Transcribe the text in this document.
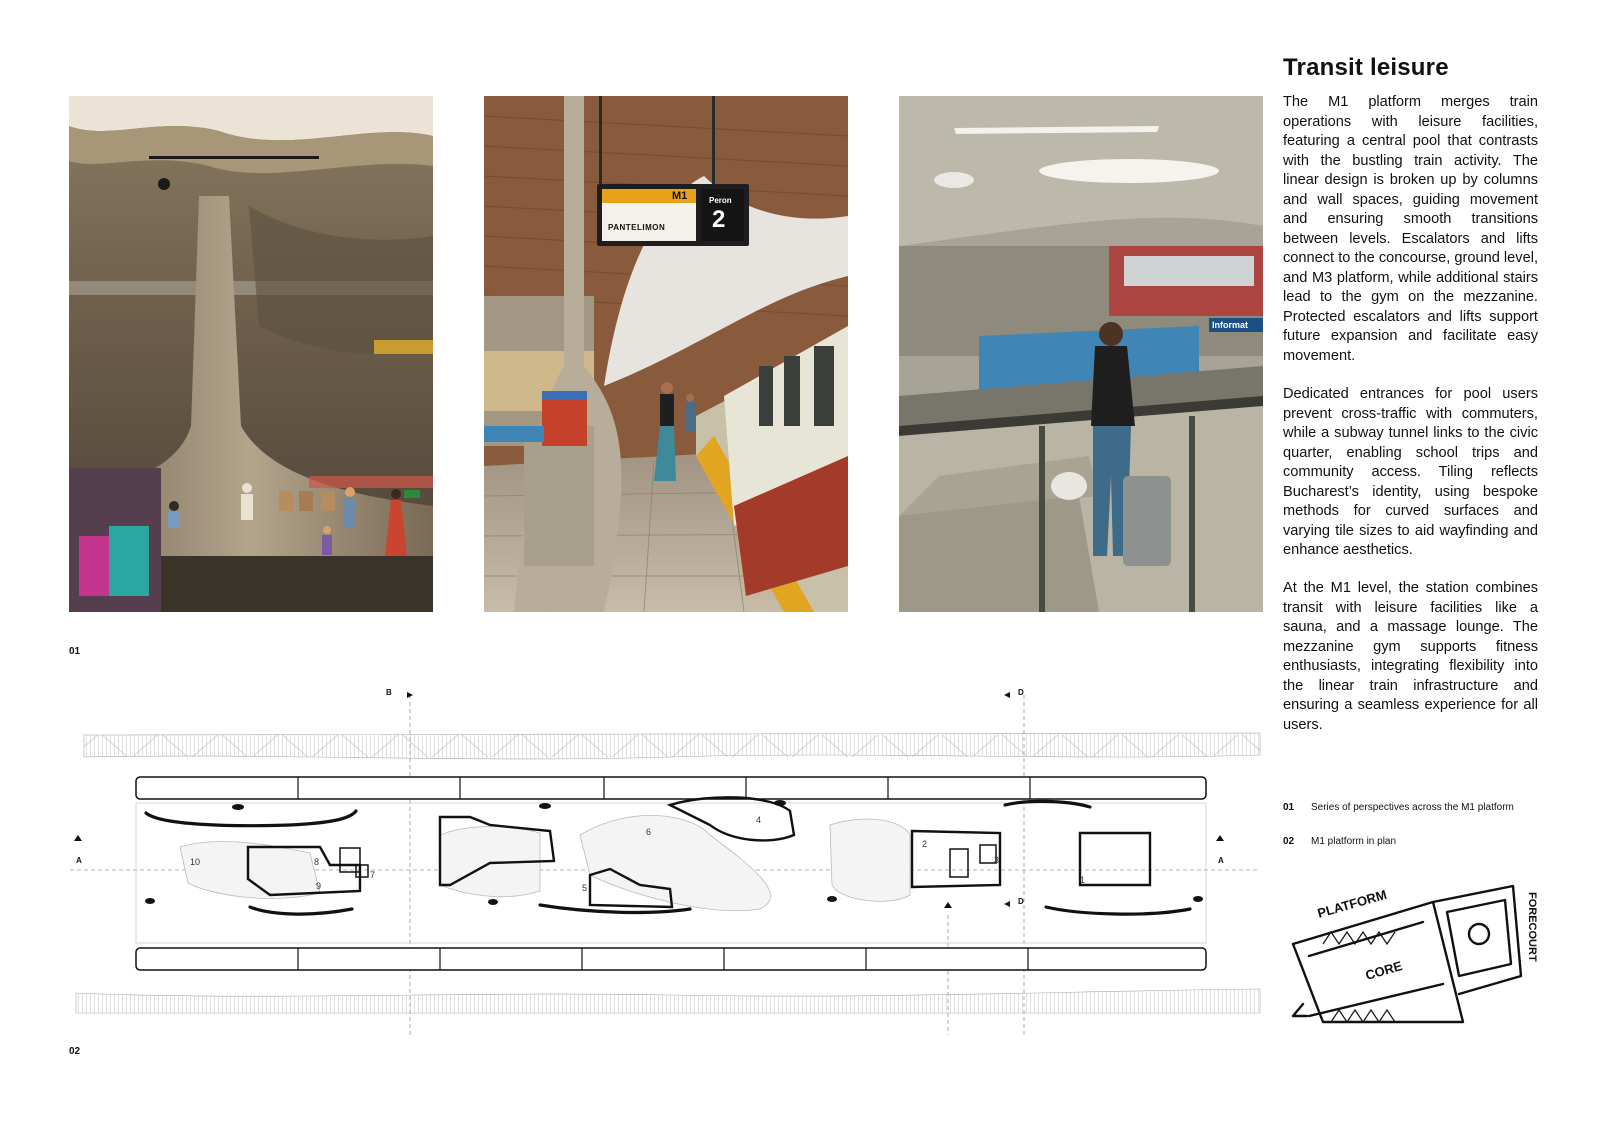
M1
PANTELIMON
Peron
2
Informat
01
10	8
9
7
6
5
4
2
3
1
B	D
D
A	A
02
Transit leisure
The M1 platform merges train operations with leisure facilities, featuring a central pool that contrasts with the bustling train activity. The linear design is broken up by columns and wall spaces, guiding movement and ensuring smooth transitions between levels. Escalators and lifts connect to the concourse, ground level, and M3 platform, while additional stairs lead to the gym on the mezzanine. Protected escalators and lifts support future expansion and facilitate easy movement.
Dedicated entrances for pool users prevent cross-traffic with commuters, while a subway tunnel links to the civic quarter, enabling school trips and community access. Tiling reflects Bucharest’s identity, using bespoke methods for curved surfaces and varying tile sizes to aid wayfinding and enhance aesthetics.
At the M1 level, the station combines transit with leisure facilities like a sauna, and a massage lounge. The mezzanine gym supports fitness enthusiasts, integrating flexibility into the linear train infrastructure and ensuring a seamless experience for all users.
01 Series of perspectives across the M1 platform
02 M1 platform in plan
PLATFORM
CORE
FORECOURT
